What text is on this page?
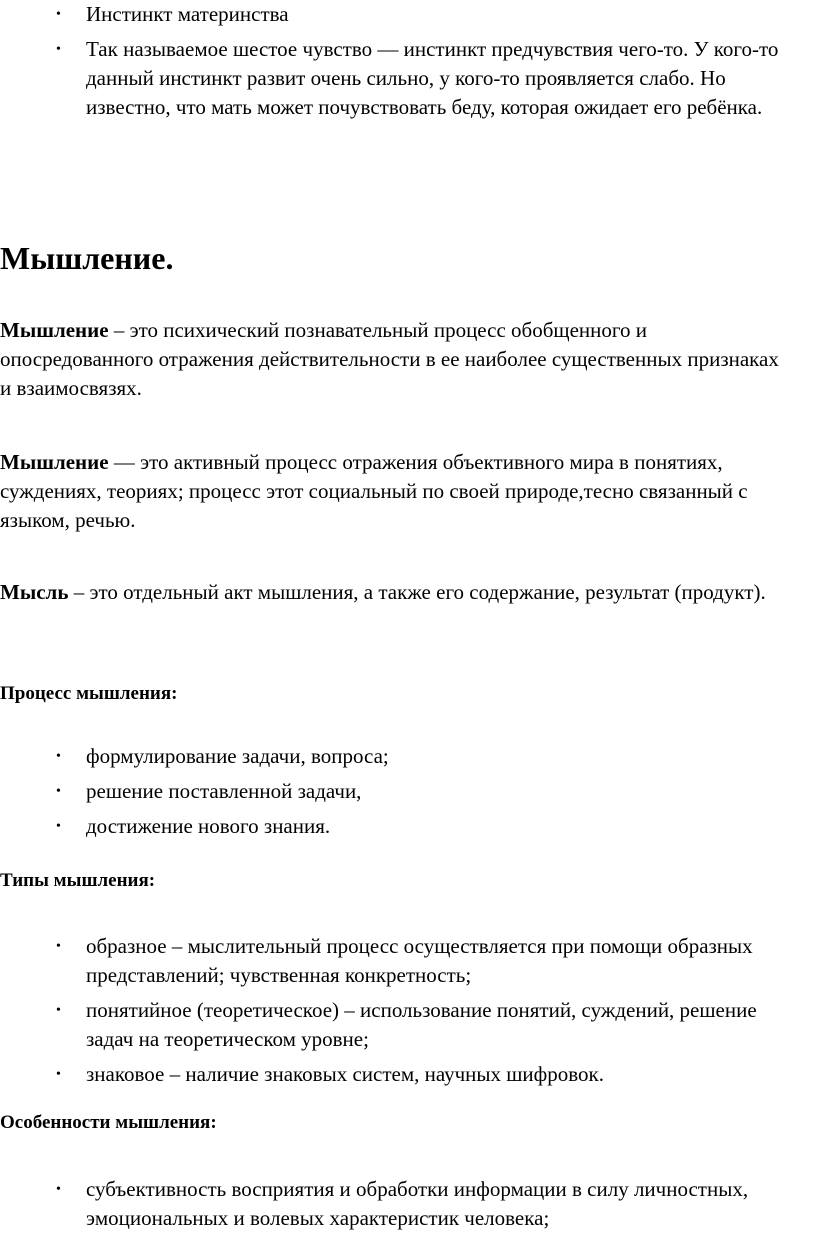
• Инстинкт материнства
• Так называемое шестое чувство — инстинкт предчувствия чего-то. У кого-то данный инстинкт развит очень сильно, у кого-то проявляется слабо. Но известно, что мать может почувствовать беду, которая ожидает его ребёнка.
Мышление.

Мышление – это психический познавательный процесс обобщенного и опосредованного отражения действительности в ее наиболее существенных признаках и взаимосвязях.

Мышление — это активный процесс отражения объективного мира в понятиях, суждениях, теориях; процесс этот социальный по своей природе,тесно связанный с языком, речью.

Мысль – это отдельный акт мышления, а также его содержание, результат (продукт).

Процесс мышления:

• формулирование задачи, вопроса;
• решение поставленной задачи,
• достижение нового знания.

Типы мышления:

• образное – мыслительный процесс осуществляется при помощи образных представлений; чувственная конкретность;
• понятийное (теоретическое) – использование понятий, суждений, решение задач на теоретическом уровне;
• знаковое – наличие знаковых систем, научных шифровок.

Особенности мышления:

• субъективность восприятия и обработки информации в силу личностных, эмоциональных и волевых характеристик человека;
